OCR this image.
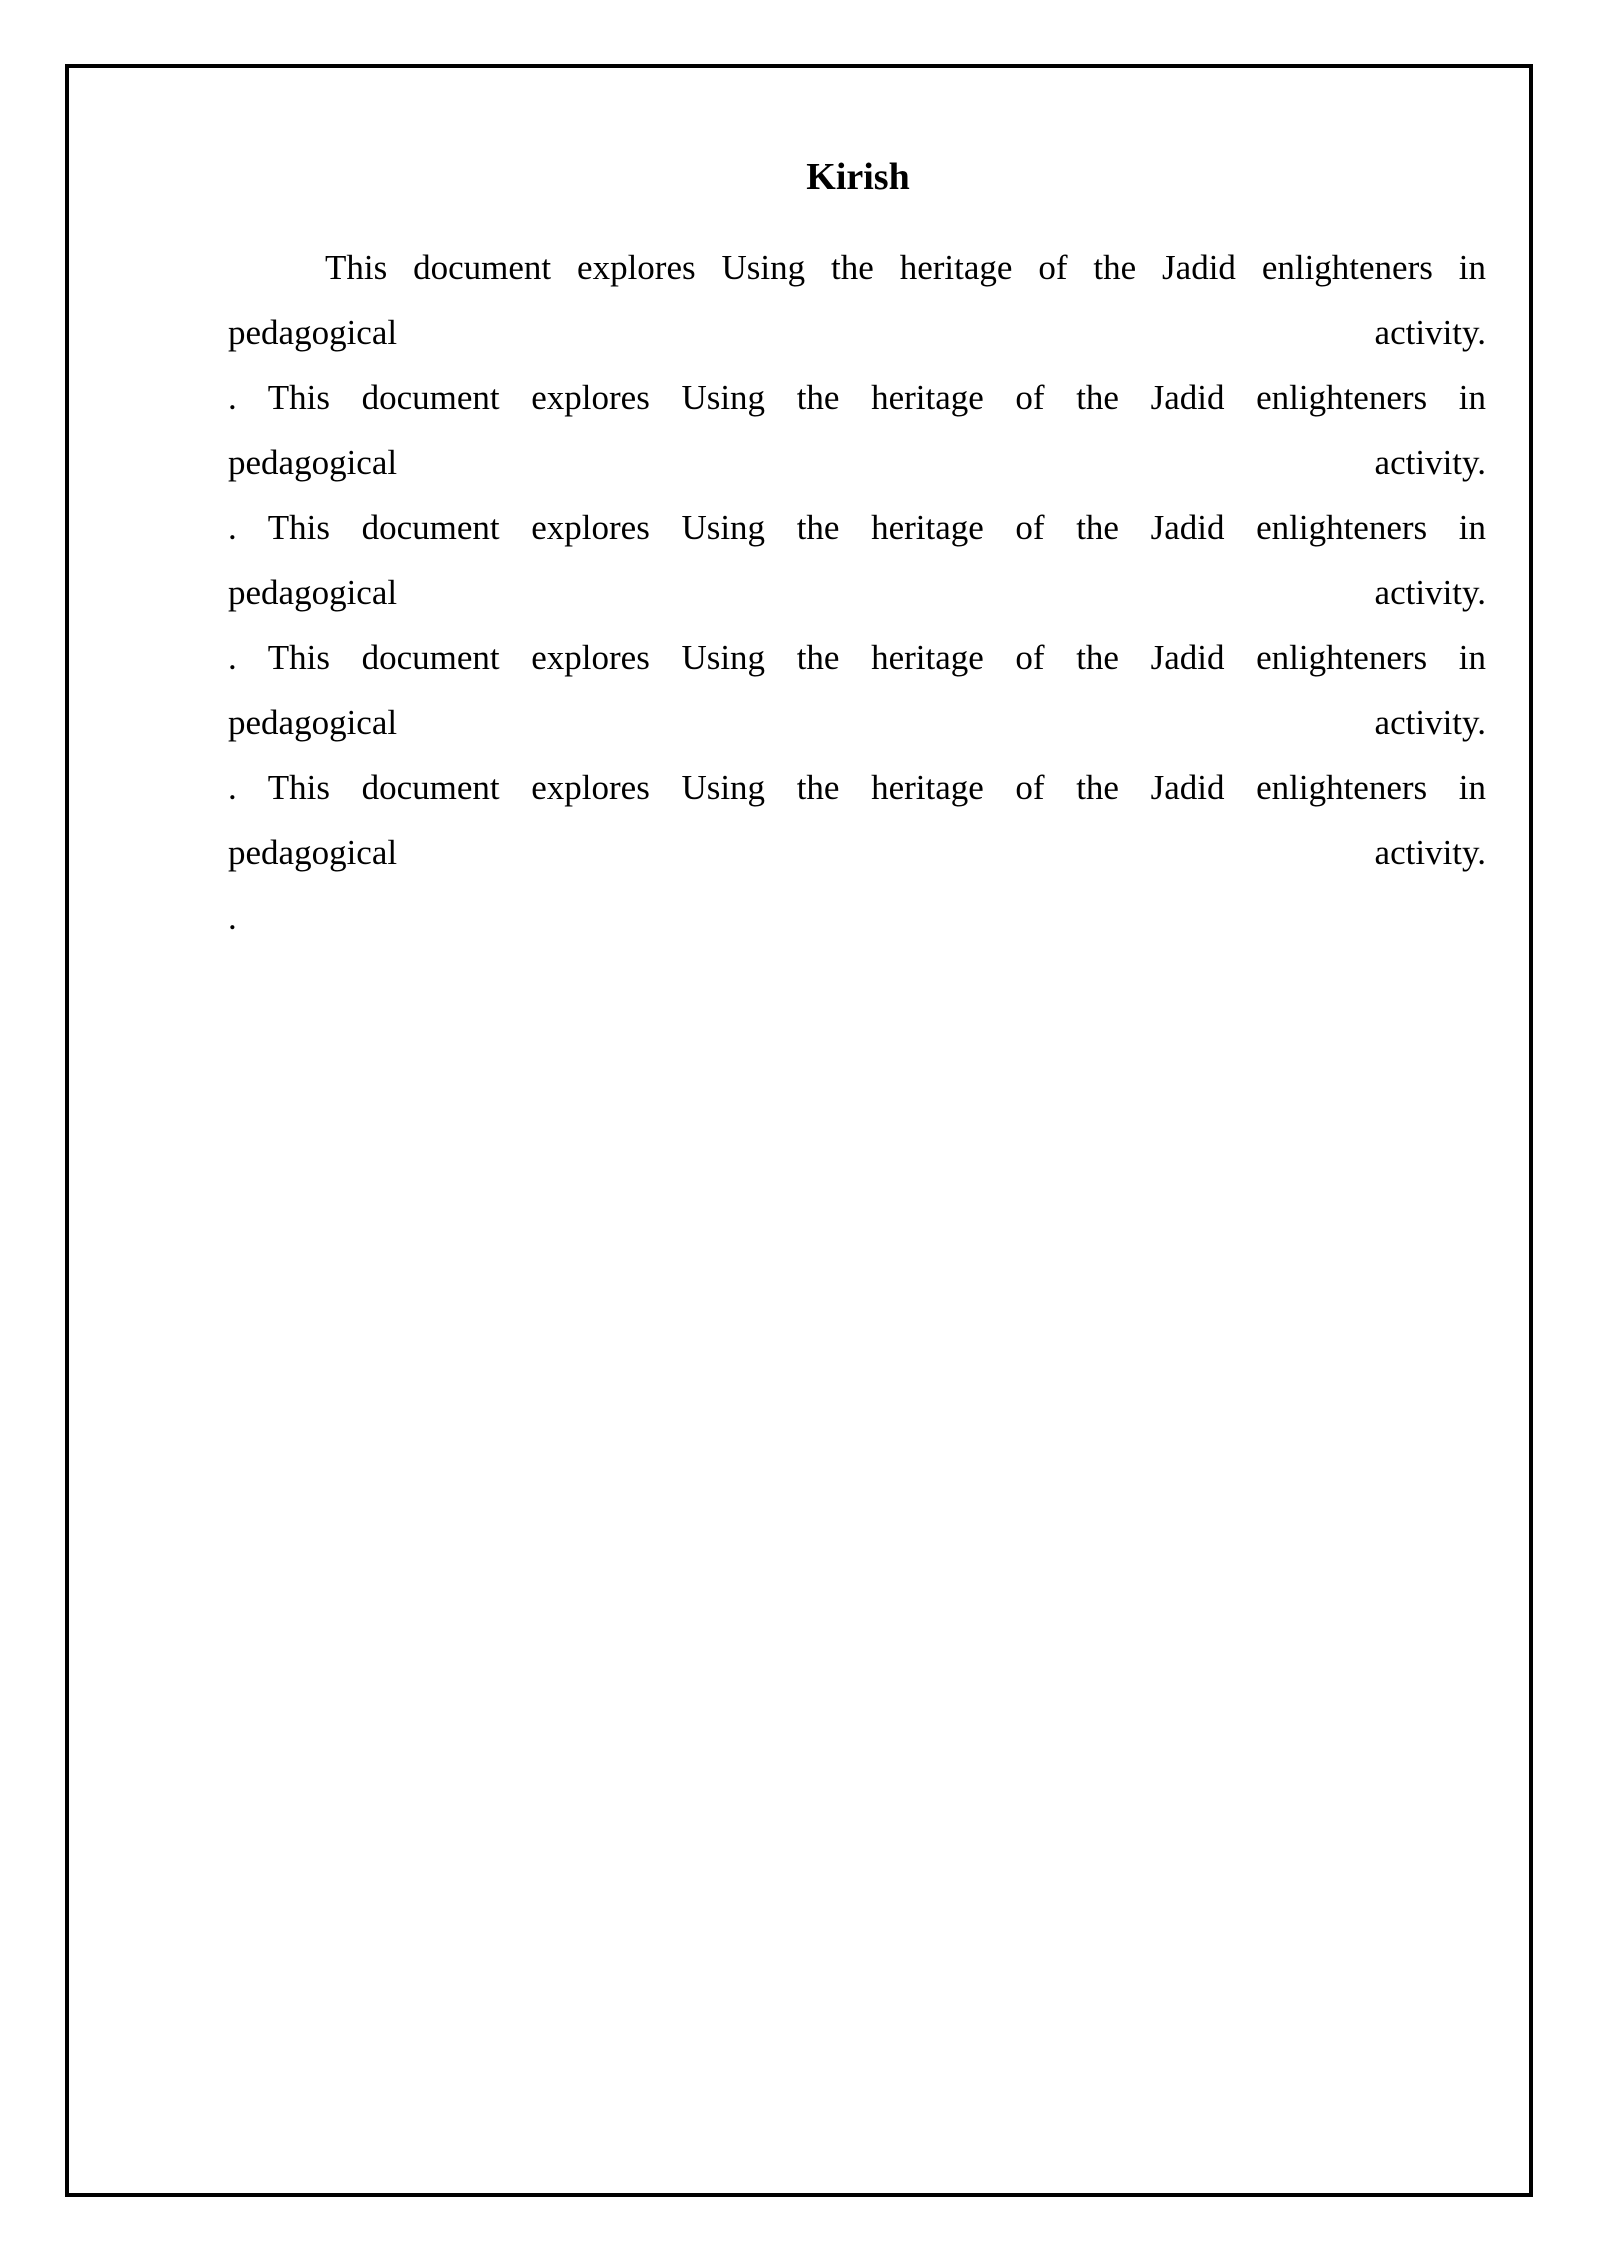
Kirish
This document explores Using the heritage of the Jadid enlighteners in
pedagogical activity.
. This document explores Using the heritage of the Jadid enlighteners in
pedagogical activity.
. This document explores Using the heritage of the Jadid enlighteners in
pedagogical activity.
. This document explores Using the heritage of the Jadid enlighteners in
pedagogical activity.
. This document explores Using the heritage of the Jadid enlighteners in
pedagogical activity.
.
